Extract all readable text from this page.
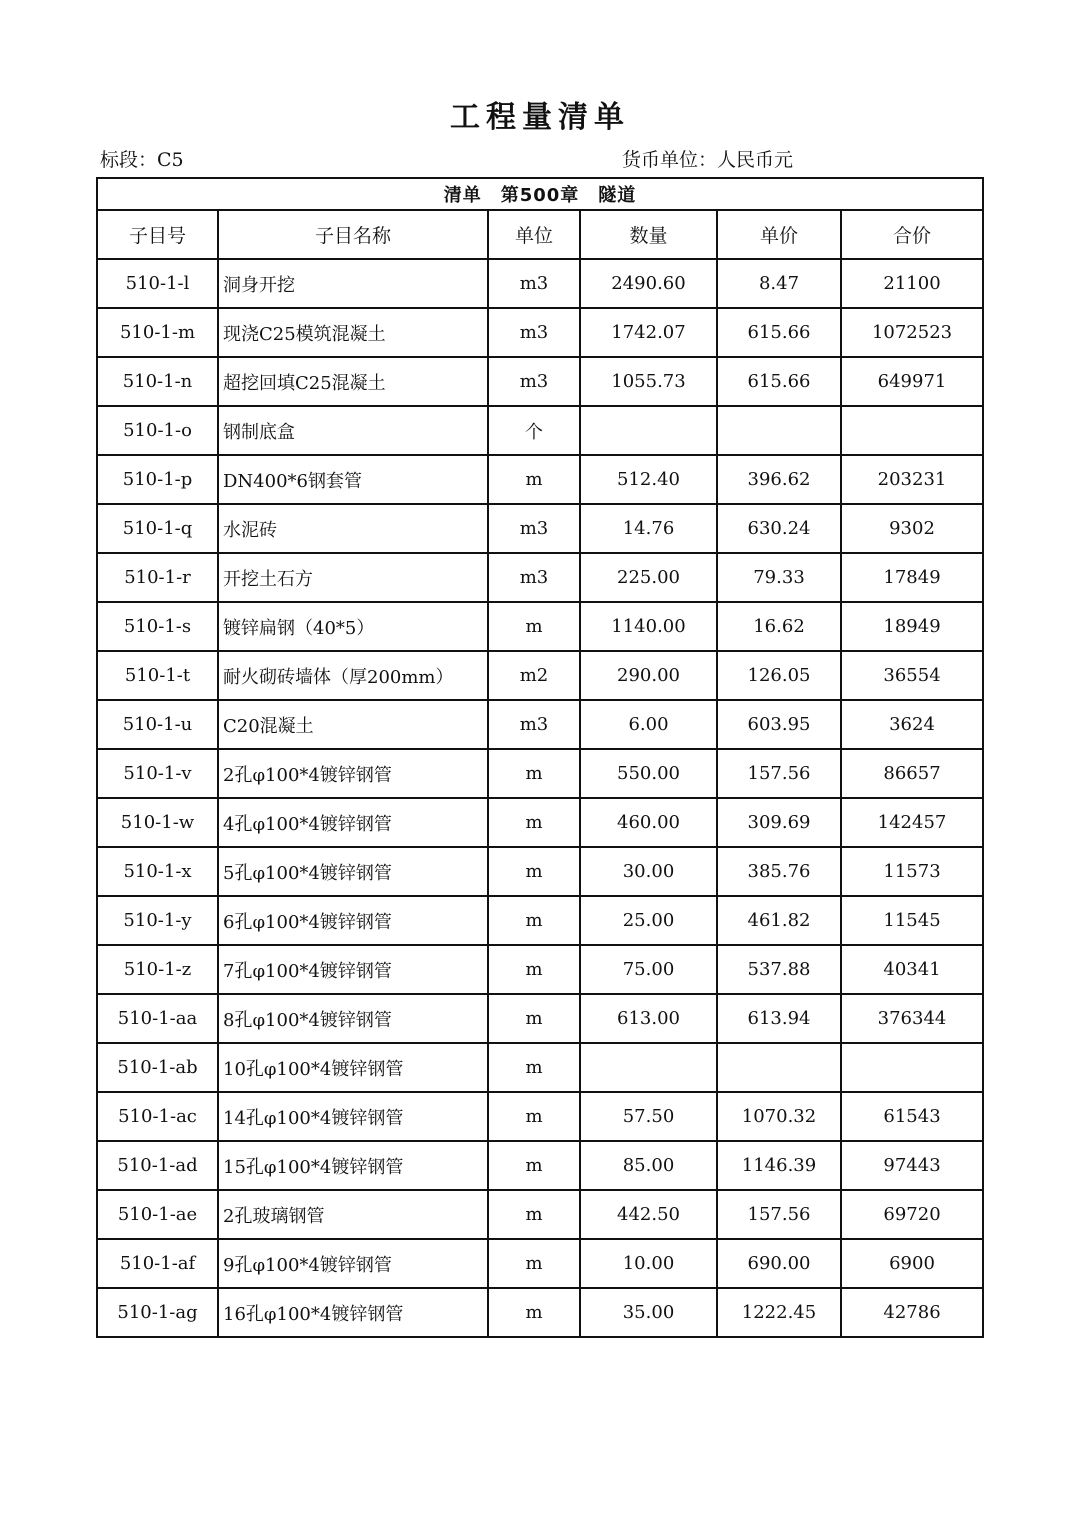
工程量清单
标段：C5	货币单位：人民币元
清单　第500章　隧道					
子目号	子目名称	单位	数量	单价	合价
510-1-l	洞身开挖	m3	2490.60	8.47	21100
510-1-m	现浇C25模筑混凝土	m3	1742.07	615.66	1072523
510-1-n	超挖回填C25混凝土	m3	1055.73	615.66	649971
510-1-o	钢制底盒	个			
510-1-p	DN400*6钢套管	m	512.40	396.62	203231
510-1-q	水泥砖	m3	14.76	630.24	9302
510-1-r	开挖土石方	m3	225.00	79.33	17849
510-1-s	镀锌扁钢（40*5）	m	1140.00	16.62	18949
510-1-t	耐火砌砖墙体（厚200mm）	m2	290.00	126.05	36554
510-1-u	C20混凝土	m3	6.00	603.95	3624
510-1-v	2孔φ100*4镀锌钢管	m	550.00	157.56	86657
510-1-w	4孔φ100*4镀锌钢管	m	460.00	309.69	142457
510-1-x	5孔φ100*4镀锌钢管	m	30.00	385.76	11573
510-1-y	6孔φ100*4镀锌钢管	m	25.00	461.82	11545
510-1-z	7孔φ100*4镀锌钢管	m	75.00	537.88	40341
510-1-aa	8孔φ100*4镀锌钢管	m	613.00	613.94	376344
510-1-ab	10孔φ100*4镀锌钢管	m			
510-1-ac	14孔φ100*4镀锌钢管	m	57.50	1070.32	61543
510-1-ad	15孔φ100*4镀锌钢管	m	85.00	1146.39	97443
510-1-ae	2孔玻璃钢管	m	442.50	157.56	69720
510-1-af	9孔φ100*4镀锌钢管	m	10.00	690.00	6900
510-1-ag	16孔φ100*4镀锌钢管	m	35.00	1222.45	42786
